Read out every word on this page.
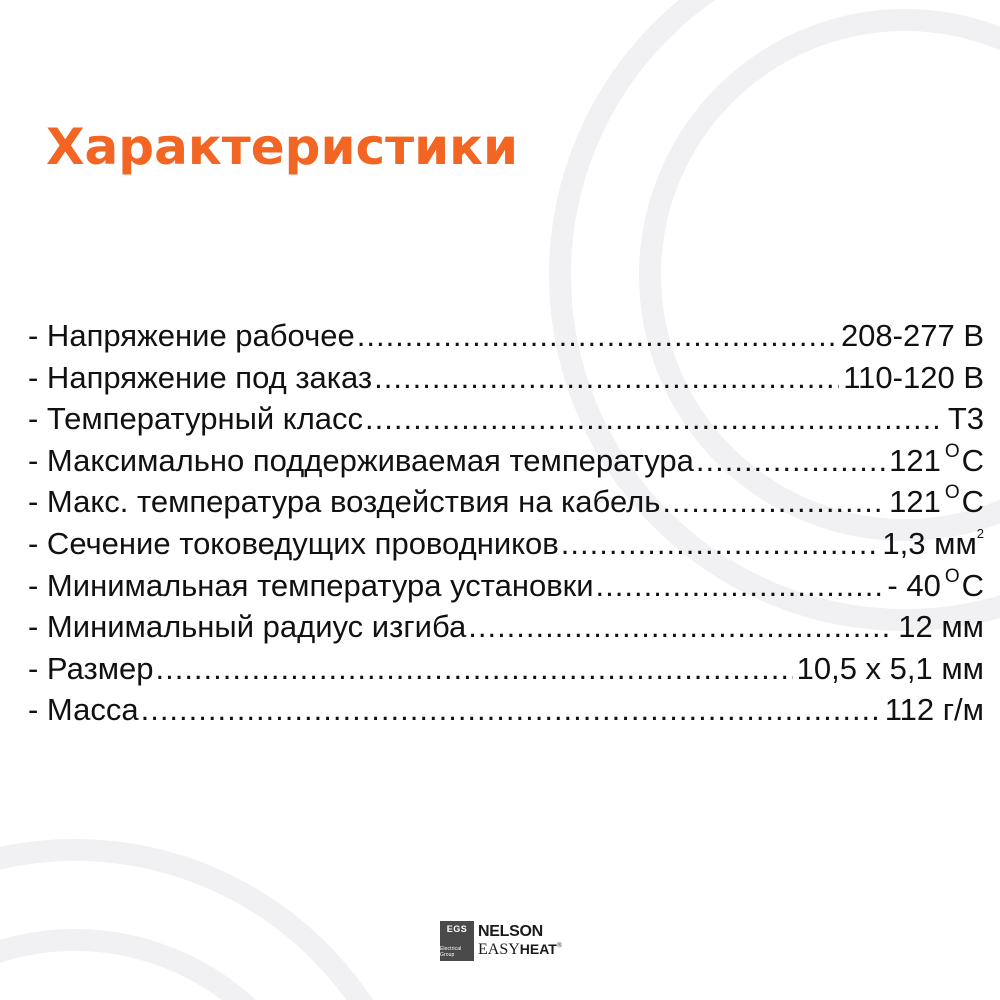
Характеристики
- Напряжение рабочее .....	208-277 В
- Напряжение под заказ .....	110-120 В
- Температурный класс .....	Т3
- Максимально поддерживаемая температура .....	121 $^O$С
- Макс. температура воздействия на кабель .....	121 $^O$С
- Сечение токоведущих проводников .....	1,3 $мм^2$
- Минимальная температура установки .....	- 40 $^O$С
- Минимальный радиус изгиба .....	12 мм
- Размер .....	10,5 х 5,1 мм
- Масса .....	112 г/м
EGS
Electrical Group
NELSON
EASYHEAT®
